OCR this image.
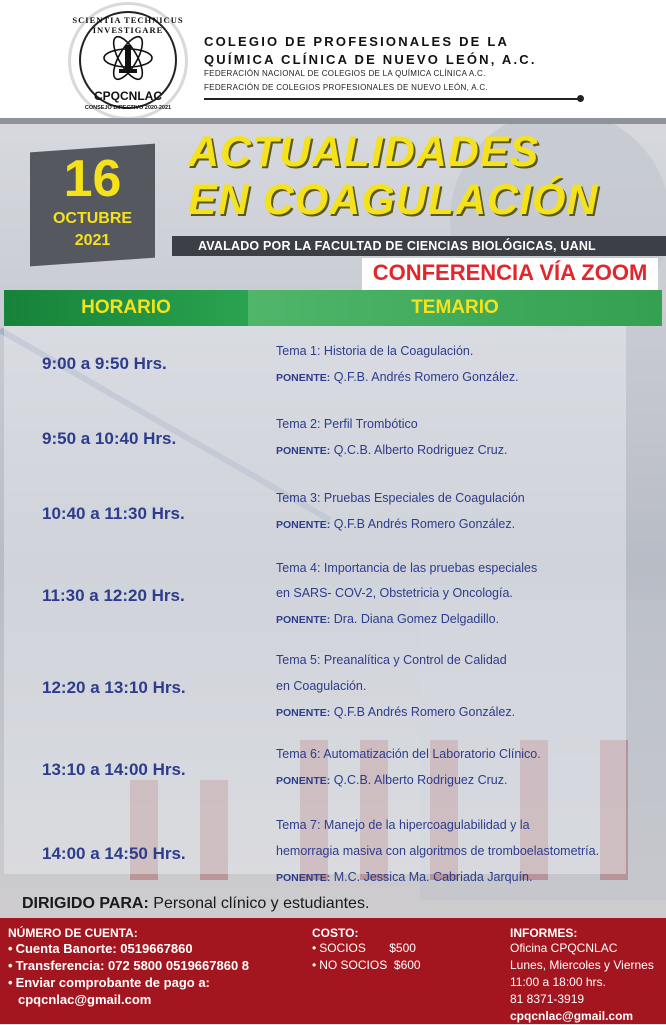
SCIENTIA TECHNICUS INVESTIGARE
CPQCNLAC
CONSEJO DIRECTIVO 2020-2021
COLEGIO DE PROFESIONALES DE LA
QUÍMICA CLÍNICA DE NUEVO LEÓN, A.C.
FEDERACIÓN NACIONAL DE COLEGIOS DE LA QUÍMICA CLÍNICA A.C.
FEDERACIÓN DE COLEGIOS PROFESIONALES DE NUEVO LEÓN, A.C.
16
OCTUBRE
2021
ACTUALIDADES
EN COAGULACIÓN
AVALADO POR LA FACULTAD DE CIENCIAS BIOLÓGICAS, UANL
CONFERENCIA VÍA ZOOM
HORARIO	TEMARIO
9:00 a 9:50 Hrs.
Tema 1: Historia de la Coagulación.
PONENTE: Q.F.B. Andrés Romero González.
9:50 a 10:40 Hrs.
Tema 2: Perfil Trombótico
PONENTE: Q.C.B. Alberto Rodriguez Cruz.
10:40 a 11:30 Hrs.
Tema 3: Pruebas Especiales de Coagulación
PONENTE: Q.F.B Andrés Romero González.
11:30 a 12:20 Hrs.
Tema 4: Importancia de las pruebas especiales
en SARS- COV-2, Obstetricia y Oncología.
PONENTE: Dra. Diana Gomez Delgadillo.
12:20 a 13:10 Hrs.
Tema 5: Preanalítica y Control de Calidad
en Coagulación.
PONENTE: Q.F.B Andrés Romero González.
13:10 a 14:00 Hrs.
Tema 6: Automatización del Laboratorio Clínico.
PONENTE: Q.C.B. Alberto Rodriguez Cruz.
14:00 a 14:50 Hrs.
Tema 7: Manejo de la hipercoagulabilidad y la
hemorragia masiva con algoritmos de tromboelastometría.
PONENTE: M.C. Jessica Ma. Cabriada Jarquín.
DIRIGIDO PARA: Personal clínico y estudiantes.
NÚMERO DE CUENTA:
• Cuenta Banorte: 0519667860
• Transferencia: 072 5800 0519667860 8
• Enviar comprobante de pago a:
cpqcnlac@gmail.com
COSTO:
• SOCIOS $500
• NO SOCIOS $600
INFORMES:
Oficina CPQCNLAC
Lunes, Miercoles y Viernes
11:00 a 18:00 hrs.
81 8371-3919
cpqcnlac@gmail.com
